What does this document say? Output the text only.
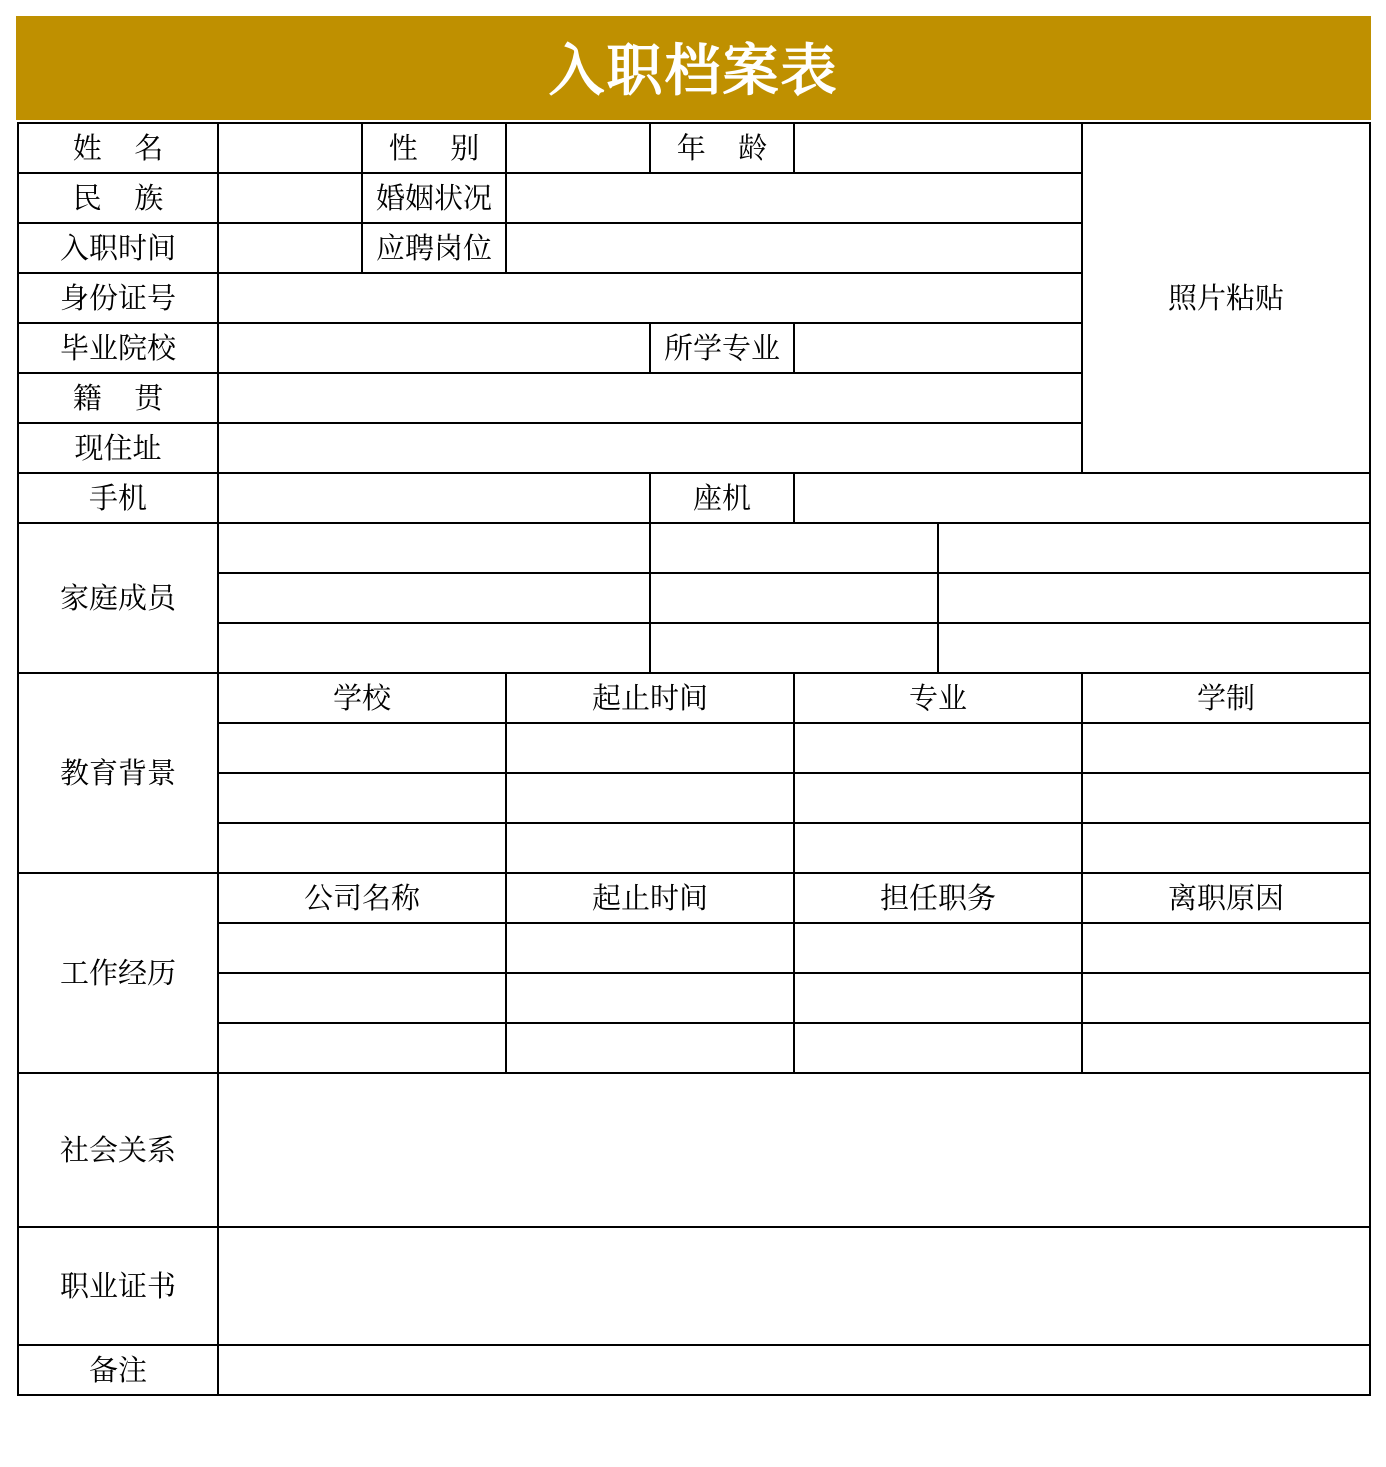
入职档案表
姓 名		性 别		年 龄			照片粘贴
民 族		婚姻状况					
入职时间		应聘岗位					
身份证号							
毕业院校				所学专业			
籍 贯							
现住址							
手机				座机			
家庭成员							

教育背景	学校		起止时间		专业		学制

工作经历	公司名称		起止时间		担任职务		离职原因

社会关系							
职业证书							
备注							
